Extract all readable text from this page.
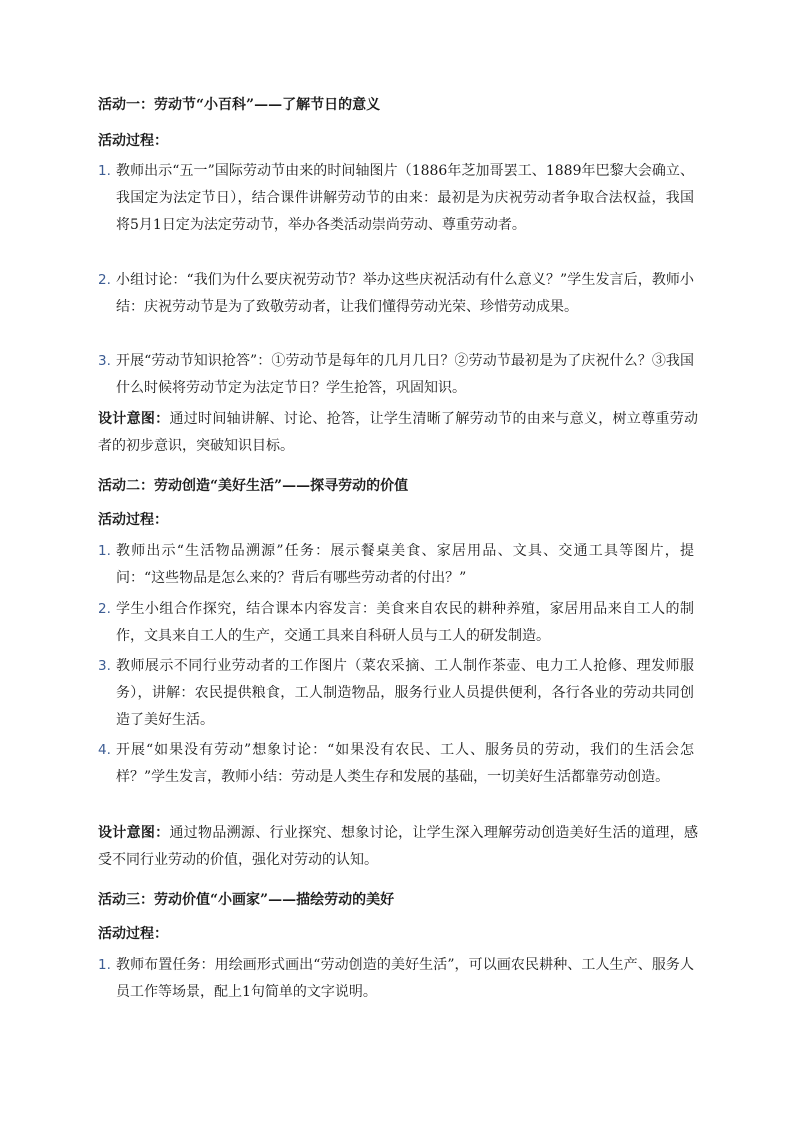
活动一：劳动节“小百科”——了解节日的意义
活动过程：
1. 教师出示“五一”国际劳动节由来的时间轴图片（1886年芝加哥罢工、1889年巴黎大会确立、我国定为法定节日），结合课件讲解劳动节的由来：最初是为庆祝劳动者争取合法权益，我国将5月1日定为法定劳动节，举办各类活动崇尚劳动、尊重劳动者。
2. 小组讨论：“我们为什么要庆祝劳动节？举办这些庆祝活动有什么意义？”学生发言后，教师小结：庆祝劳动节是为了致敬劳动者，让我们懂得劳动光荣、珍惜劳动成果。
3. 开展“劳动节知识抢答”：①劳动节是每年的几月几日？②劳动节最初是为了庆祝什么？③我国什么时候将劳动节定为法定节日？学生抢答，巩固知识。

设计意图：通过时间轴讲解、讨论、抢答，让学生清晰了解劳动节的由来与意义，树立尊重劳动者的初步意识，突破知识目标。

活动二：劳动创造“美好生活”——探寻劳动的价值
活动过程：
1. 教师出示“生活物品溯源”任务：展示餐桌美食、家居用品、文具、交通工具等图片，提问：“这些物品是怎么来的？背后有哪些劳动者的付出？”
2. 学生小组合作探究，结合课本内容发言：美食来自农民的耕种养殖，家居用品来自工人的制作，文具来自工人的生产，交通工具来自科研人员与工人的研发制造。
3. 教师展示不同行业劳动者的工作图片（菜农采摘、工人制作茶壶、电力工人抢修、理发师服务），讲解：农民提供粮食，工人制造物品，服务行业人员提供便利，各行各业的劳动共同创造了美好生活。
4. 开展“如果没有劳动”想象讨论：“如果没有农民、工人、服务员的劳动，我们的生活会怎样？”学生发言，教师小结：劳动是人类生存和发展的基础，一切美好生活都靠劳动创造。

设计意图：通过物品溯源、行业探究、想象讨论，让学生深入理解劳动创造美好生活的道理，感受不同行业劳动的价值，强化对劳动的认知。

活动三：劳动价值“小画家”——描绘劳动的美好
活动过程：
1. 教师布置任务：用绘画形式画出“劳动创造的美好生活”，可以画农民耕种、工人生产、服务人员工作等场景，配上1句简单的文字说明。
